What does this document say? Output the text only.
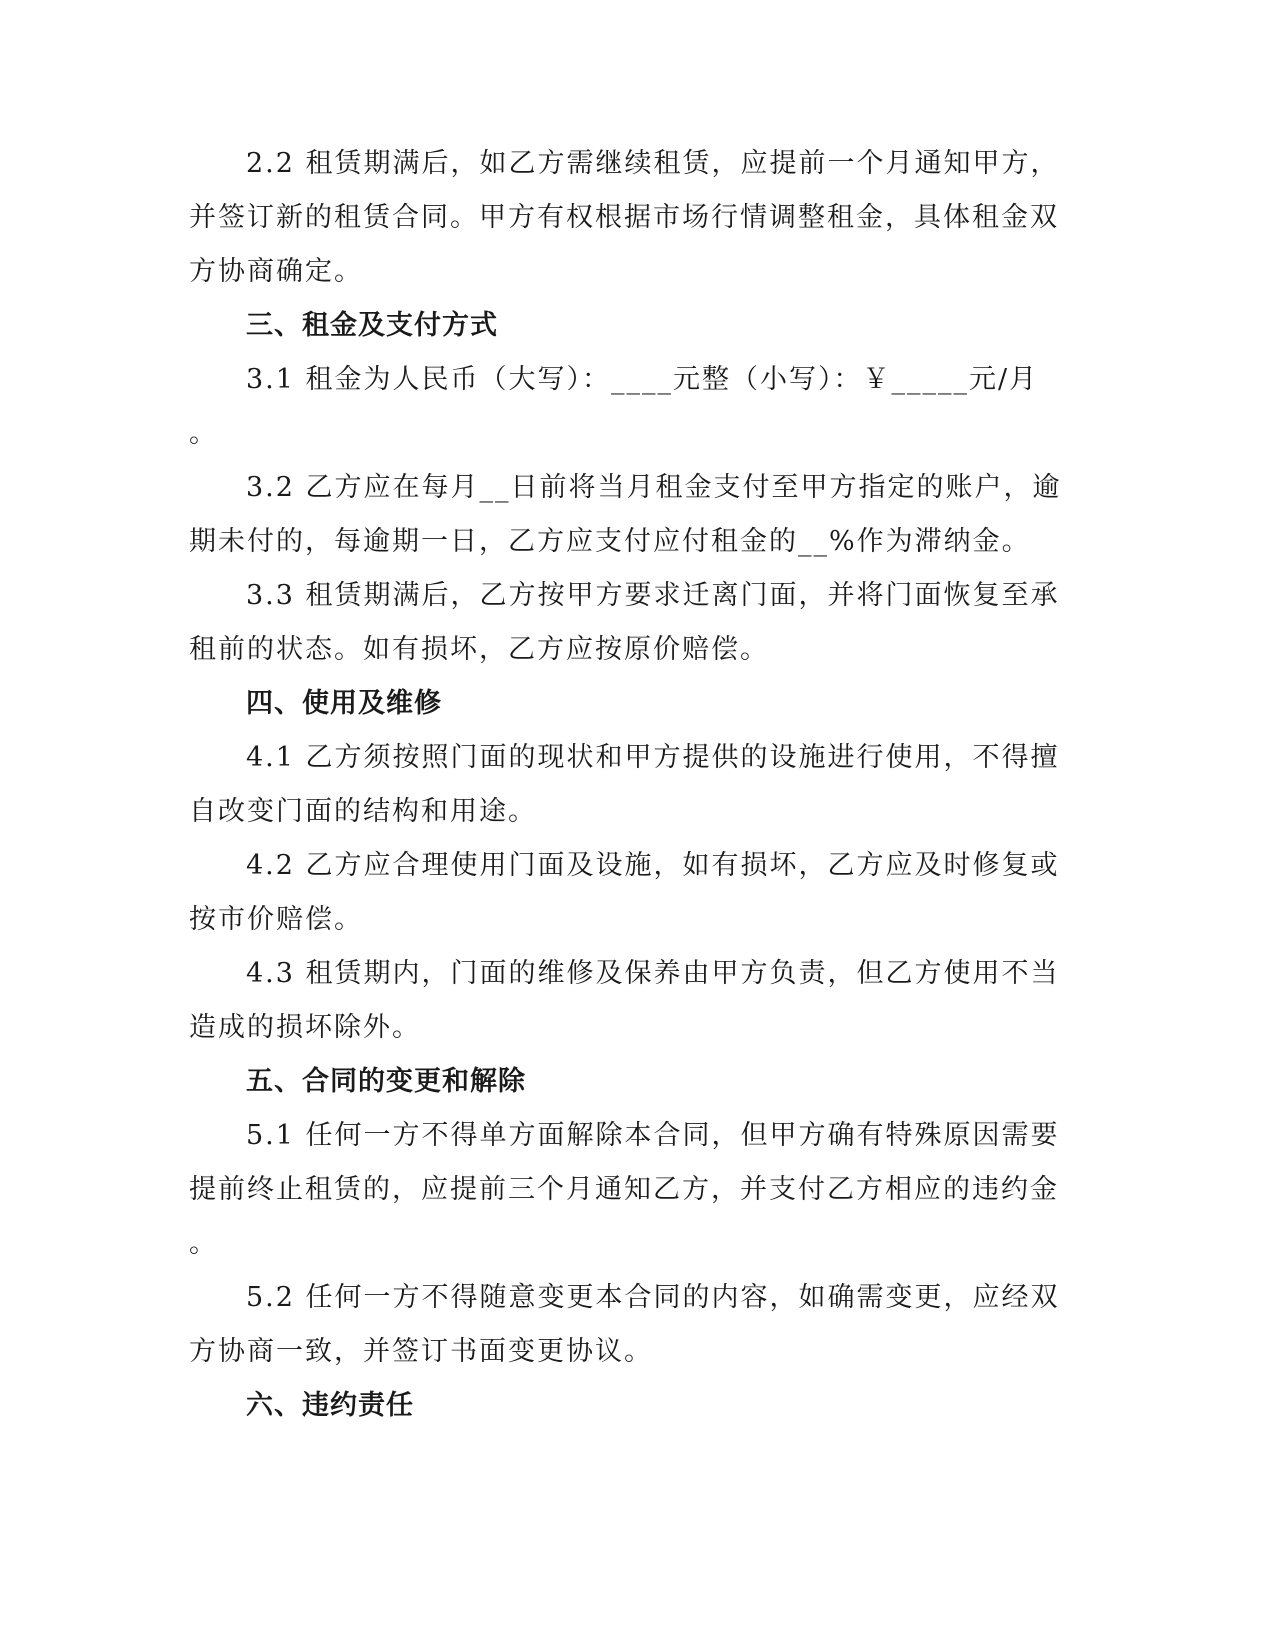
2.2 租赁期满后，如乙方需继续租赁，应提前一个月通知甲方，
并签订新的租赁合同。甲方有权根据市场行情调整租金，具体租金双
方协商确定。
三、租金及支付方式
3.1 租金为人民币（大写）：____元整（小写）：￥_____元/月
。
3.2 乙方应在每月__日前将当月租金支付至甲方指定的账户，逾
期未付的，每逾期一日，乙方应支付应付租金的__%作为滞纳金。
3.3 租赁期满后，乙方按甲方要求迁离门面，并将门面恢复至承
租前的状态。如有损坏，乙方应按原价赔偿。
四、使用及维修
4.1 乙方须按照门面的现状和甲方提供的设施进行使用，不得擅
自改变门面的结构和用途。
4.2 乙方应合理使用门面及设施，如有损坏，乙方应及时修复或
按市价赔偿。
4.3 租赁期内，门面的维修及保养由甲方负责，但乙方使用不当
造成的损坏除外。
五、合同的变更和解除
5.1 任何一方不得单方面解除本合同，但甲方确有特殊原因需要
提前终止租赁的，应提前三个月通知乙方，并支付乙方相应的违约金
。
5.2 任何一方不得随意变更本合同的内容，如确需变更，应经双
方协商一致，并签订书面变更协议。
六、违约责任
